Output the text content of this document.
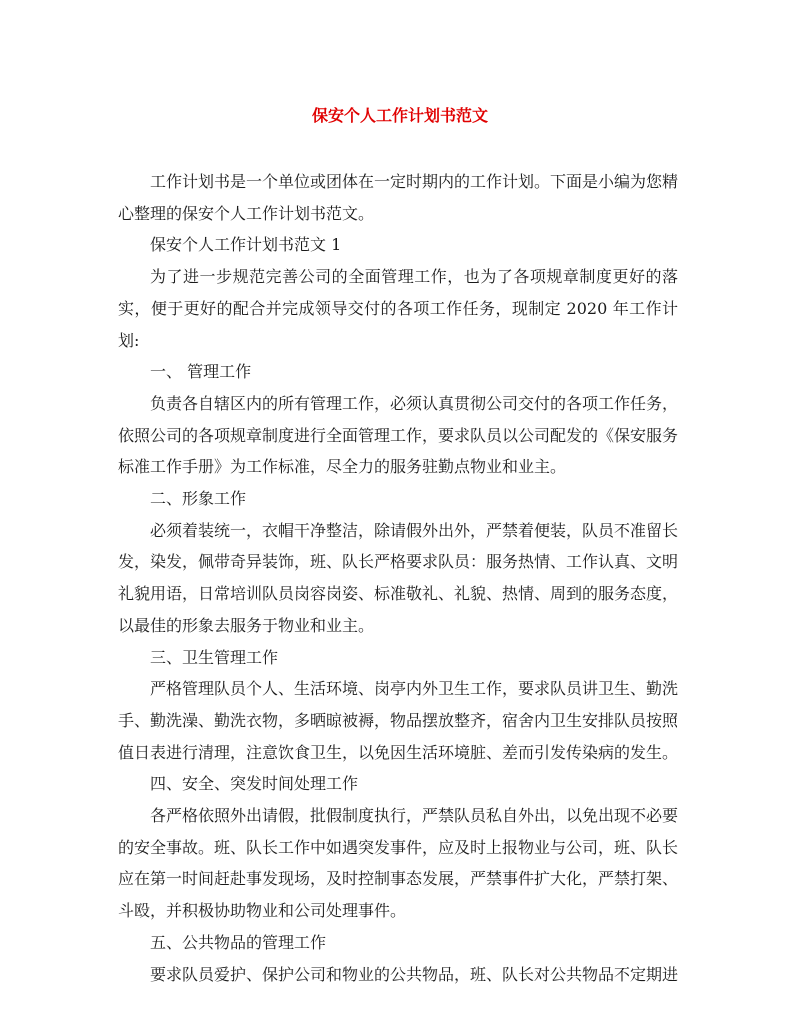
保安个人工作计划书范文

工作计划书是一个单位或团体在一定时期内的工作计划。下面是小编为您精心整理的保安个人工作计划书范文。

保安个人工作计划书范文 1

为了进一步规范完善公司的全面管理工作，也为了各项规章制度更好的落实，便于更好的配合并完成领导交付的各项工作任务，现制定 2020 年工作计划:

一、 管理工作

负责各自辖区内的所有管理工作，必须认真贯彻公司交付的各项工作任务，依照公司的各项规章制度进行全面管理工作，要求队员以公司配发的《保安服务标准工作手册》为工作标准，尽全力的服务驻勤点物业和业主。

二、形象工作

必须着装统一，衣帽干净整洁，除请假外出外，严禁着便装，队员不准留长发，染发，佩带奇异装饰，班、队长严格要求队员：服务热情、工作认真、文明礼貌用语，日常培训队员岗容岗姿、标准敬礼、礼貌、热情、周到的服务态度，以最佳的形象去服务于物业和业主。

三、卫生管理工作

严格管理队员个人、生活环境、岗亭内外卫生工作，要求队员讲卫生、勤洗手、勤洗澡、勤洗衣物，多晒晾被褥，物品摆放整齐，宿舍内卫生安排队员按照值日表进行清理，注意饮食卫生，以免因生活环境脏、差而引发传染病的发生。

四、安全、突发时间处理工作

各严格依照外出请假，批假制度执行，严禁队员私自外出，以免出现不必要的安全事故。班、队长工作中如遇突发事件，应及时上报物业与公司，班、队长应在第一时间赶赴事发现场，及时控制事态发展，严禁事件扩大化，严禁打架、斗殴，并积极协助物业和公司处理事件。

五、公共物品的管理工作

要求队员爱护、保护公司和物业的公共物品，班、队长对公共物品不定期进
